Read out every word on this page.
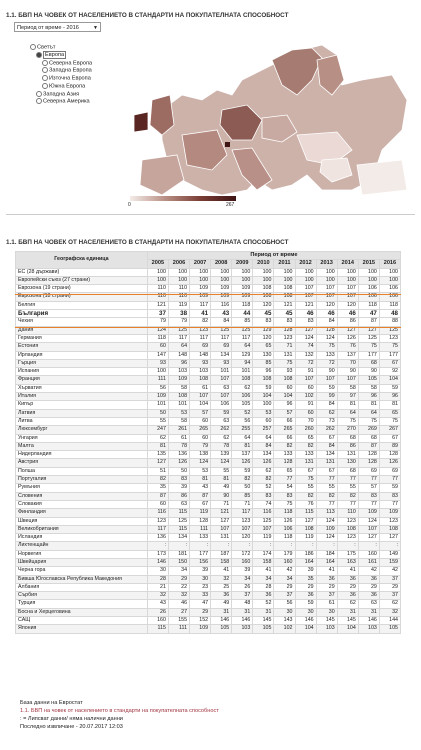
1.1. БВП НА ЧОВЕК ОТ НАСЕЛЕНИЕТО В СТАНДАРТИ НА ПОКУПАТЕЛНАТА СПОСОБНОСТ
Период от време - 2016	▼
Светът
Европа
Северна Европа
Западна Европа
Източна Европа
Южна Европа
Западна Азия
Северна Америка
0	267
1.1. БВП НА ЧОВЕК ОТ НАСЕЛЕНИЕТО В СТАНДАРТИ НА ПОКУПАТЕЛНАТА СПОСОБНОСТ
Географска единица	Период от време											
	2005	2006	2007	2008	2009	2010	2011	2012	2013	2014	2015	2016
ЕС (28 държави)	100	100	100	100	100	100	100	100	100	100	100	100
Европейски съюз (27 страни)	100	100	100	100	100	100	100	100	100	100	100	100
Еврозона (19 страни)	110	110	109	109	109	108	108	107	107	107	106	106
Еврозона (18 страни)	110	110	109	109	109	108	108	107	107	107	106	106
Белгия	121	119	117	116	118	120	121	121	120	120	118	118
България	37	38	41	43	44	45	45	46	46	46	47	48
Чехия	79	79	82	84	85	83	83	83	84	86	87	88
Дания	124	125	123	125	125	129	128	127	128	127	127	125
Германия	118	117	117	117	117	120	123	124	124	126	125	123
Естония	60	64	69	69	64	65	71	74	75	76	75	75
Ирландия	147	148	148	134	129	130	131	132	133	137	177	177
Гърция	93	96	93	93	94	85	75	72	72	70	68	67
Испания	100	103	103	101	101	96	93	91	90	90	90	92
Франция	111	109	108	107	108	108	108	107	107	107	105	104
Хърватия	56	58	61	63	62	59	60	60	59	58	58	59
Италия	109	108	107	107	106	104	104	102	99	97	96	96
Кипър	101	101	104	106	105	100	96	91	84	81	81	81
Латвия	50	53	57	59	52	53	57	60	62	64	64	65
Литва	55	58	60	63	56	60	66	70	73	75	75	75
Люксембург	247	261	265	262	255	257	265	260	262	270	269	267
Унгария	62	61	60	62	64	64	66	65	67	68	68	67
Малта	81	78	79	78	81	84	82	82	84	86	87	89
Нидерландия	135	136	138	139	137	134	133	133	134	131	128	128
Австрия	127	126	124	124	126	126	128	131	131	130	128	126
Полша	51	50	53	55	59	62	65	67	67	68	69	69
Португалия	82	83	81	81	82	82	77	75	77	77	77	77
Румъния	35	39	43	49	50	52	54	55	55	55	57	59
Словения	87	86	87	90	85	83	83	82	82	82	83	83
Словакия	60	63	67	71	71	74	75	76	77	77	77	77
Финландия	116	115	119	121	117	116	118	115	113	110	109	109
Швеция	123	125	128	127	123	125	126	127	124	123	124	123
Великобритания	117	115	111	107	107	107	106	108	109	108	107	108
Исландия	136	134	133	131	120	119	118	119	124	123	127	127
Лихтенщайн	:	:	:	:	:	:	:	:	:	:	:	:
Норвегия	173	181	177	187	172	174	179	186	184	175	160	149
Швейцария	146	150	156	158	160	158	160	164	164	163	161	159
Черна гора	30	34	39	41	39	41	42	39	41	41	42	42
Бивша Югославска Република Македония	28	29	30	32	34	34	34	35	36	36	36	37
Албания	21	22	23	25	26	28	29	29	29	29	29	29
Сърбия	32	32	33	36	37	36	37	36	37	36	36	37
Турция	43	46	47	49	48	52	56	59	61	62	63	62
Босна и Херцеговина	26	27	29	31	31	31	30	30	30	31	31	32
САЩ	160	155	152	146	146	145	143	146	145	145	146	144
Япония	115	111	109	105	103	105	102	104	103	104	103	105
База данни на Евростат
1.1. БВП на човек от населението в стандарти на покупателната способност
: = Липсват данни/ няма налични данни
Последно извличане - 20.07.2017 12:03
